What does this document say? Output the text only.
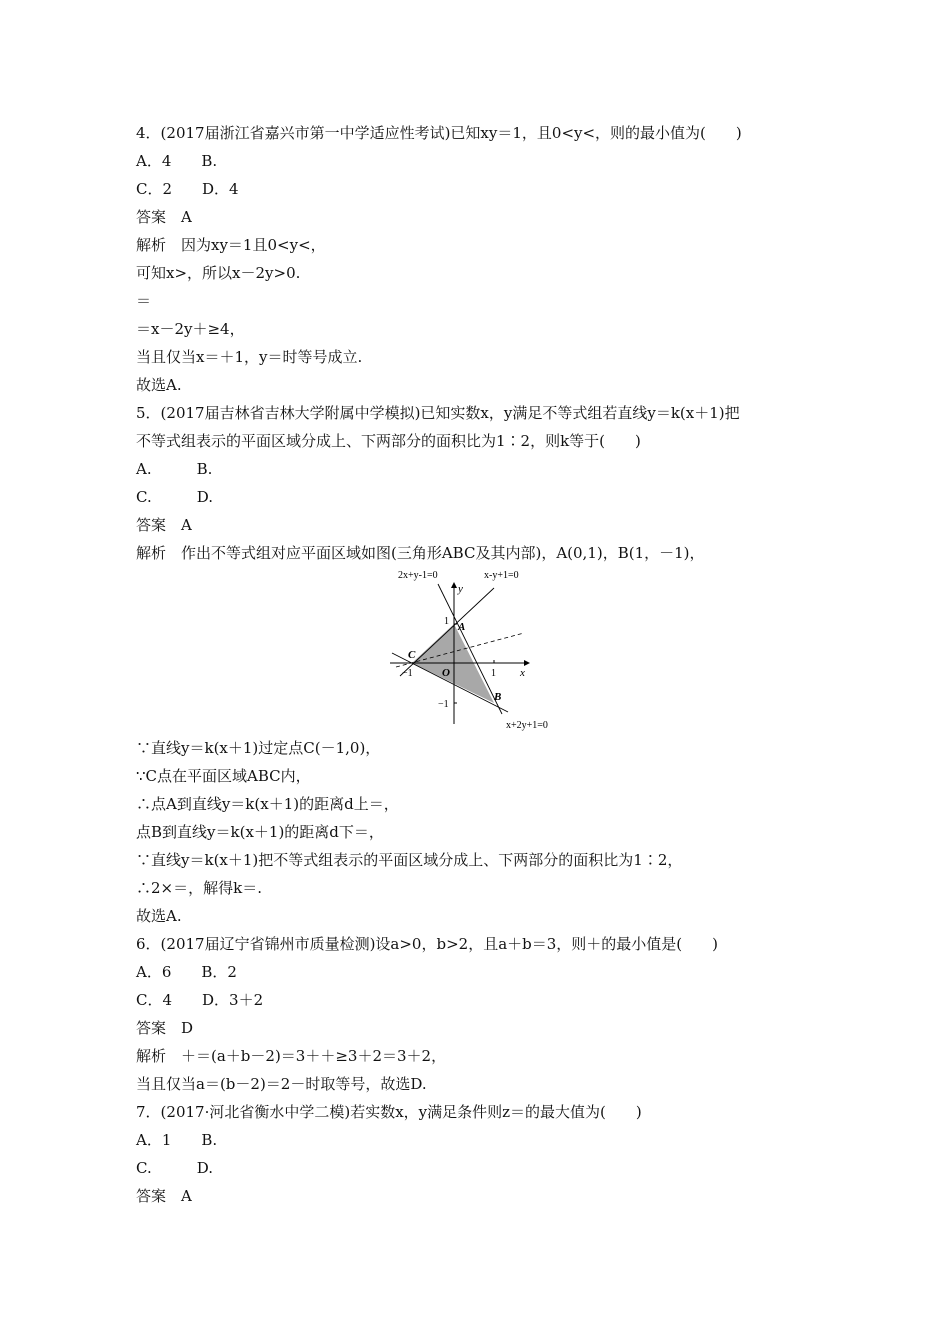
4．(2017届浙江省嘉兴市第一中学适应性考试)已知xy＝1，且0<y<，则的最小值为(　　)
A．4　　B.
C．2　　D．4
答案　A
解析　因为xy＝1且0<y<，
可知x>，所以x－2y>0.
＝
＝x－2y＋≥4，
当且仅当x＝＋1，y＝时等号成立.
故选A.
5．(2017届吉林省吉林大学附属中学模拟)已知实数x，y满足不等式组若直线y＝k(x＋1)把
不等式组表示的平面区域分成上、下两部分的面积比为1∶2，则k等于(　　)
A.　　　B.
C.　　　D.
答案　A
解析　作出不等式组对应平面区域如图(三角形ABC及其内部)，A(0,1)，B(1，－1)，
2x+y-1=0	x-y+1=0
x+2y+1=0
y
x
O
A
B
C
1
1
−1
−1
∵直线y＝k(x＋1)过定点C(－1,0)，
∵C点在平面区域ABC内，
∴点A到直线y＝k(x＋1)的距离d上＝，
点B到直线y＝k(x＋1)的距离d下＝，
∵直线y＝k(x＋1)把不等式组表示的平面区域分成上、下两部分的面积比为1∶2，
∴2×＝，解得k＝.
故选A.
6．(2017届辽宁省锦州市质量检测)设a>0，b>2，且a＋b＝3，则＋的最小值是(　　)
A．6　　B．2
C．4　　D．3＋2
答案　D
解析　＋＝(a＋b－2)＝3＋＋≥3＋2＝3＋2，
当且仅当a＝(b－2)＝2－时取等号，故选D.
7．(2017·河北省衡水中学二模)若实数x，y满足条件则z＝的最大值为(　　)
A．1　　B.
C.　　　D.
答案　A
